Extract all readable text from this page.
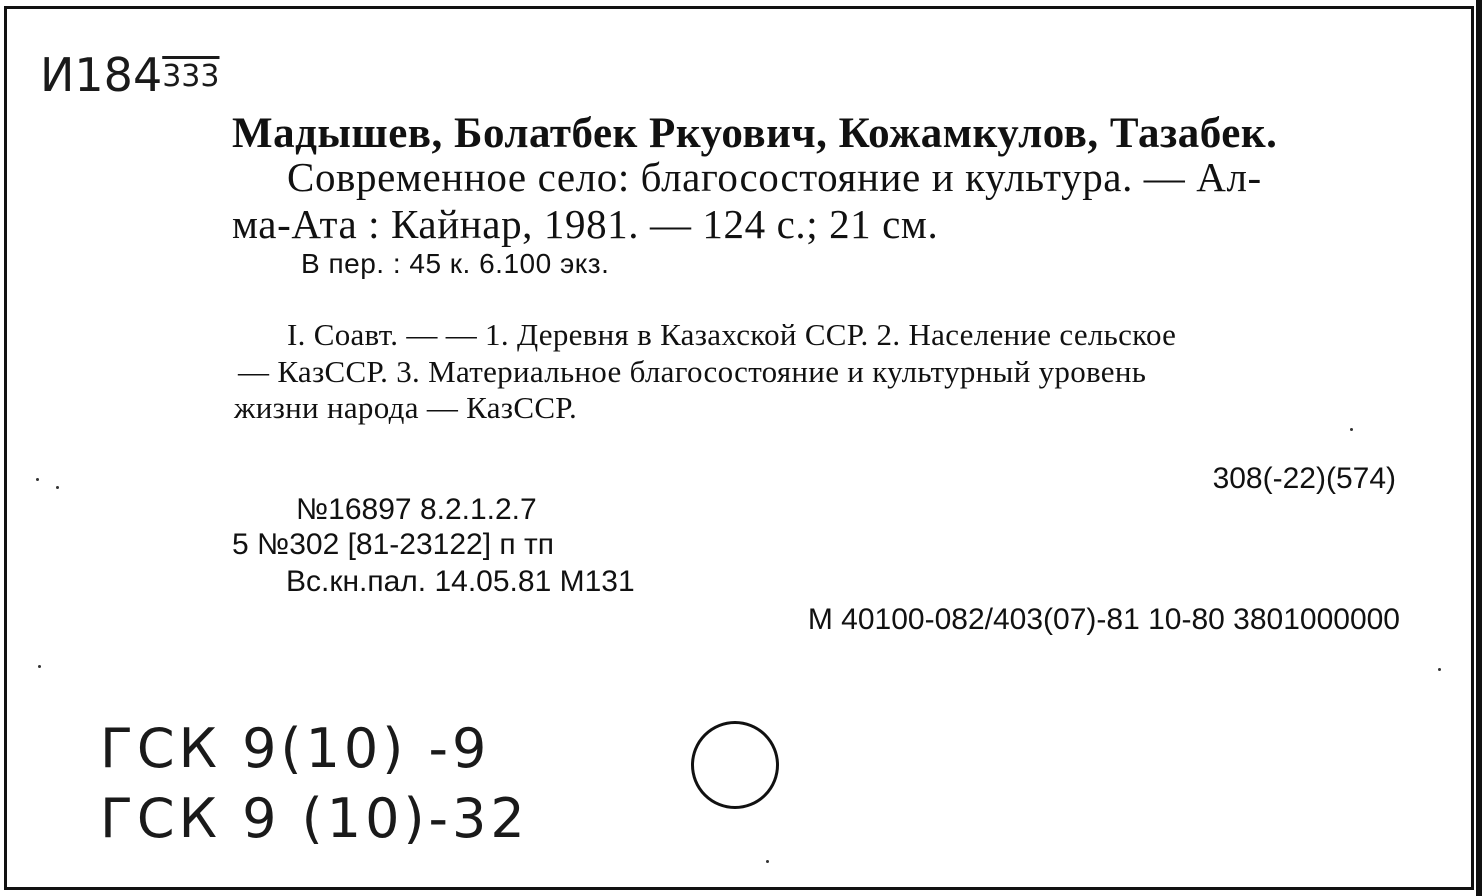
$И184^{333}$
Мадышев, Болатбек Ркуович, Кожамкулов, Тазабек.
Современное село: благосостояние и культура. — Ал-
ма-Ата : Кайнар, 1981. — 124 с.; 21 см.
В пер. : 45 к. 6.100 экз.
I. Соавт. — — 1. Деревня в Казахской ССР. 2. Население сельское
— КазССР. 3. Материальное благосостояние и культурный уровень
жизни народа — КазССР.
308(-22)(574)
№16897 8.2.1.2.7
5 №302 [81-23122] п тп
Вс.кн.пал. 14.05.81 М131
М 40100-082/403(07)-81 10-80 3801000000
ГСК 9(10) -9
ГСК 9 (10)-32
